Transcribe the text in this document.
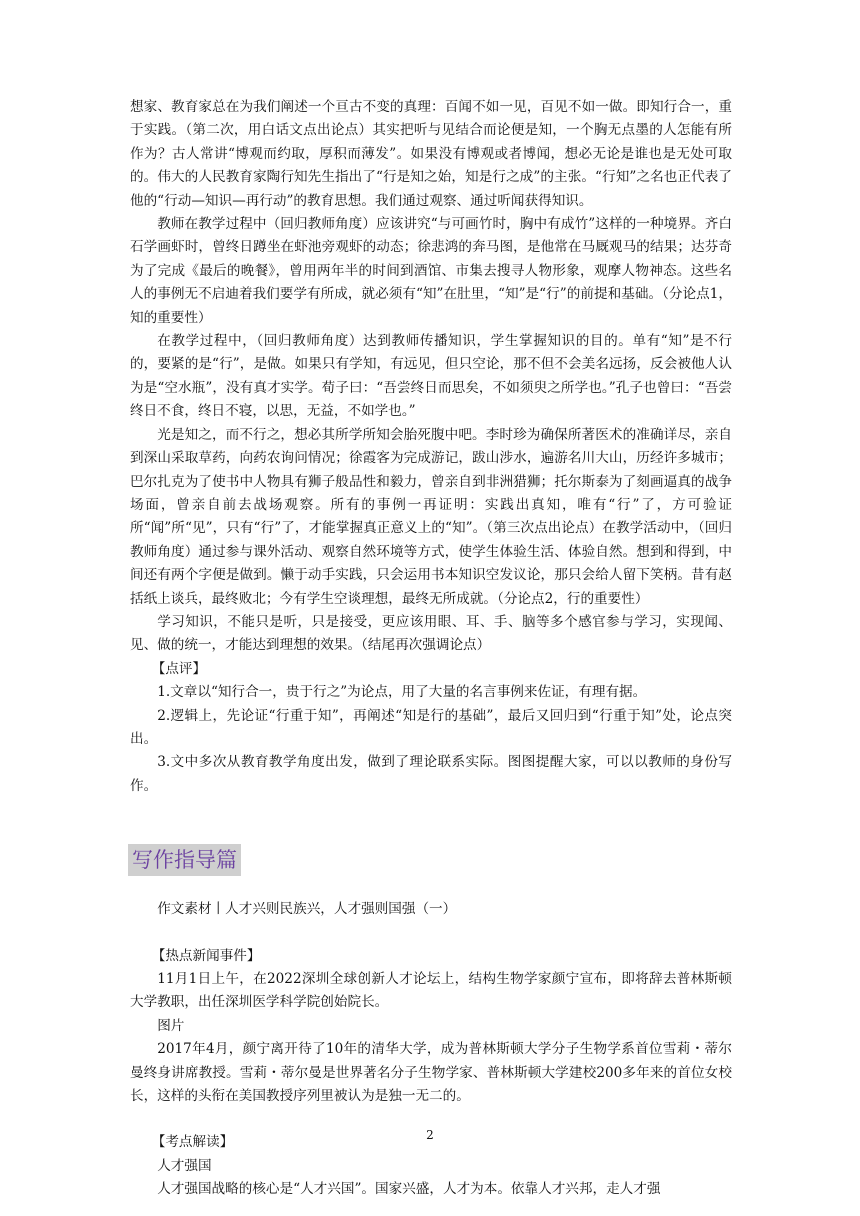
想家、教育家总在为我们阐述一个亘古不变的真理：百闻不如一见，百见不如一做。即知行合一，重于实践。（第二次，用白话文点出论点）其实把听与见结合而论便是知，一个胸无点墨的人怎能有所作为？古人常讲“博观而约取，厚积而薄发”。如果没有博观或者博闻，想必无论是谁也是无处可取的。伟大的人民教育家陶行知先生指出了“行是知之始，知是行之成”的主张。“行知”之名也正代表了他的“行动—知识—再行动”的教育思想。我们通过观察、通过听闻获得知识。

教师在教学过程中（回归教师角度）应该讲究“与可画竹时，胸中有成竹”这样的一种境界。齐白石学画虾时，曾终日蹲坐在虾池旁观虾的动态；徐悲鸿的奔马图，是他常在马厩观马的结果；达芬奇为了完成《最后的晚餐》，曾用两年半的时间到酒馆、市集去搜寻人物形象，观摩人物神态。这些名人的事例无不启迪着我们要学有所成，就必须有“知”在肚里，“知”是“行”的前提和基础。（分论点1，知的重要性）

在教学过程中，（回归教师角度）达到教师传播知识，学生掌握知识的目的。单有“知”是不行的，要紧的是“行”，是做。如果只有学知，有远见，但只空论，那不但不会美名远扬，反会被他人认为是“空水瓶”，没有真才实学。荀子曰：“吾尝终日而思矣，不如须臾之所学也。”孔子也曾曰：“吾尝终日不食，终日不寝，以思，无益，不如学也。”

光是知之，而不行之，想必其所学所知会胎死腹中吧。李时珍为确保所著医术的准确详尽，亲自到深山采取草药，向药农询问情况；徐霞客为完成游记，跋山涉水，遍游名川大山，历经许多城市；巴尔扎克为了使书中人物具有狮子般品性和毅力，曾亲自到非洲猎狮；托尔斯泰为了刻画逼真的战争场面，曾亲自前去战场观察。所有的事例一再证明：实践出真知，唯有“行”了，方可验证所“闻”所“见”，只有“行”了，才能掌握真正意义上的“知”。（第三次点出论点）在教学活动中，（回归教师角度）通过参与课外活动、观察自然环境等方式，使学生体验生活、体验自然。想到和得到，中间还有两个字便是做到。懒于动手实践，只会运用书本知识空发议论，那只会给人留下笑柄。昔有赵括纸上谈兵，最终败北；今有学生空谈理想，最终无所成就。（分论点2，行的重要性）

学习知识，不能只是听，只是接受，更应该用眼、耳、手、脑等多个感官参与学习，实现闻、见、做的统一，才能达到理想的效果。（结尾再次强调论点）

【点评】

1.文章以“知行合一，贵于行之”为论点，用了大量的名言事例来佐证，有理有据。

2.逻辑上，先论证“行重于知”，再阐述“知是行的基础”，最后又回归到“行重于知”处，论点突出。

3.文中多次从教育教学角度出发，做到了理论联系实际。图图提醒大家，可以以教师的身份写作。

写作指导篇

作文素材丨人才兴则民族兴，人才强则国强（一）

【热点新闻事件】

11月1日上午，在2022深圳全球创新人才论坛上，结构生物学家颜宁宣布，即将辞去普林斯顿大学教职，出任深圳医学科学院创始院长。

图片

2017年4月，颜宁离开待了10年的清华大学，成为普林斯顿大学分子生物学系首位雪莉・蒂尔曼终身讲席教授。雪莉・蒂尔曼是世界著名分子生物学家、普林斯顿大学建校200多年来的首位女校长，这样的头衔在美国教授序列里被认为是独一无二的。

【考点解读】

人才强国

人才强国战略的核心是“人才兴国”。国家兴盛，人才为本。依靠人才兴邦，走人才强

2
